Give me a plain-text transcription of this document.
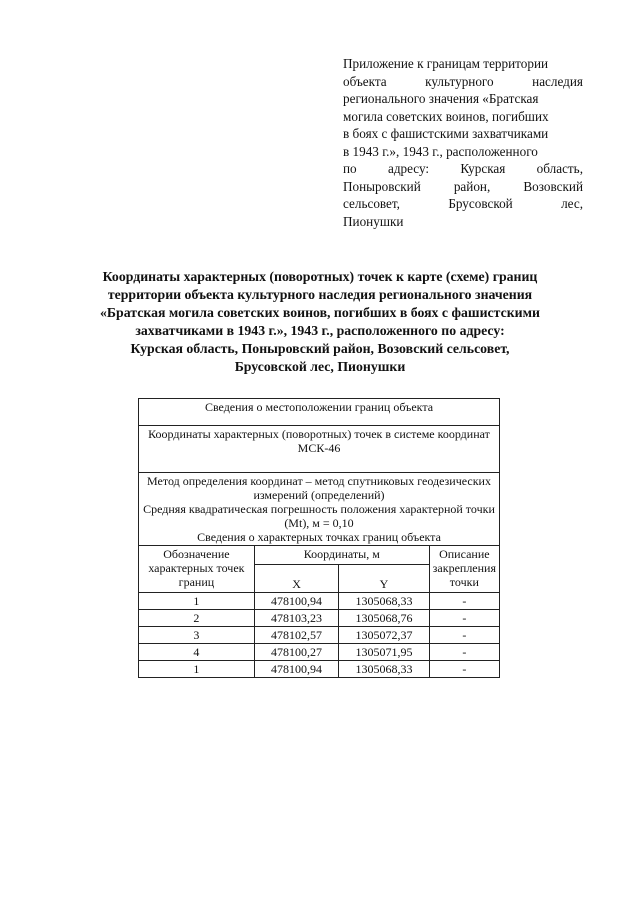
Приложение к границам территории
объекта культурного наследия
регионального значения «Братская
могила советских воинов, погибших
в боях с фашистскими захватчиками
в 1943 г.», 1943 г., расположенного
по адресу: Курская область,
Поныровский район, Возовский
сельсовет, Брусовской лес,
Пионушки
Координаты характерных (поворотных) точек к карте (схеме) границ
территории объекта культурного наследия регионального значения
«Братская могила советских воинов, погибших в боях с фашистскими
захватчиками в 1943 г.», 1943 г., расположенного по адресу:
Курская область, Поныровский район, Возовский сельсовет,
Брусовской лес, Пионушки
Сведения о местоположении границ объекта			
Координаты характерных (поворотных) точек в системе координат МСК-46			

Метод определения координат – метод спутниковых геодезических измерений (определений)
Средняя квадратическая погрешность положения характерной точки (Mt), м = 0,10
Сведения о характерных точках границ объекта			

Обозначение характерных точек границ	Координаты, м		Описание закрепления точки
	X	Y	
1	478100,94	1305068,33	-
2	478103,23	1305068,76	-
3	478102,57	1305072,37	-
4	478100,27	1305071,95	-
1	478100,94	1305068,33	-
